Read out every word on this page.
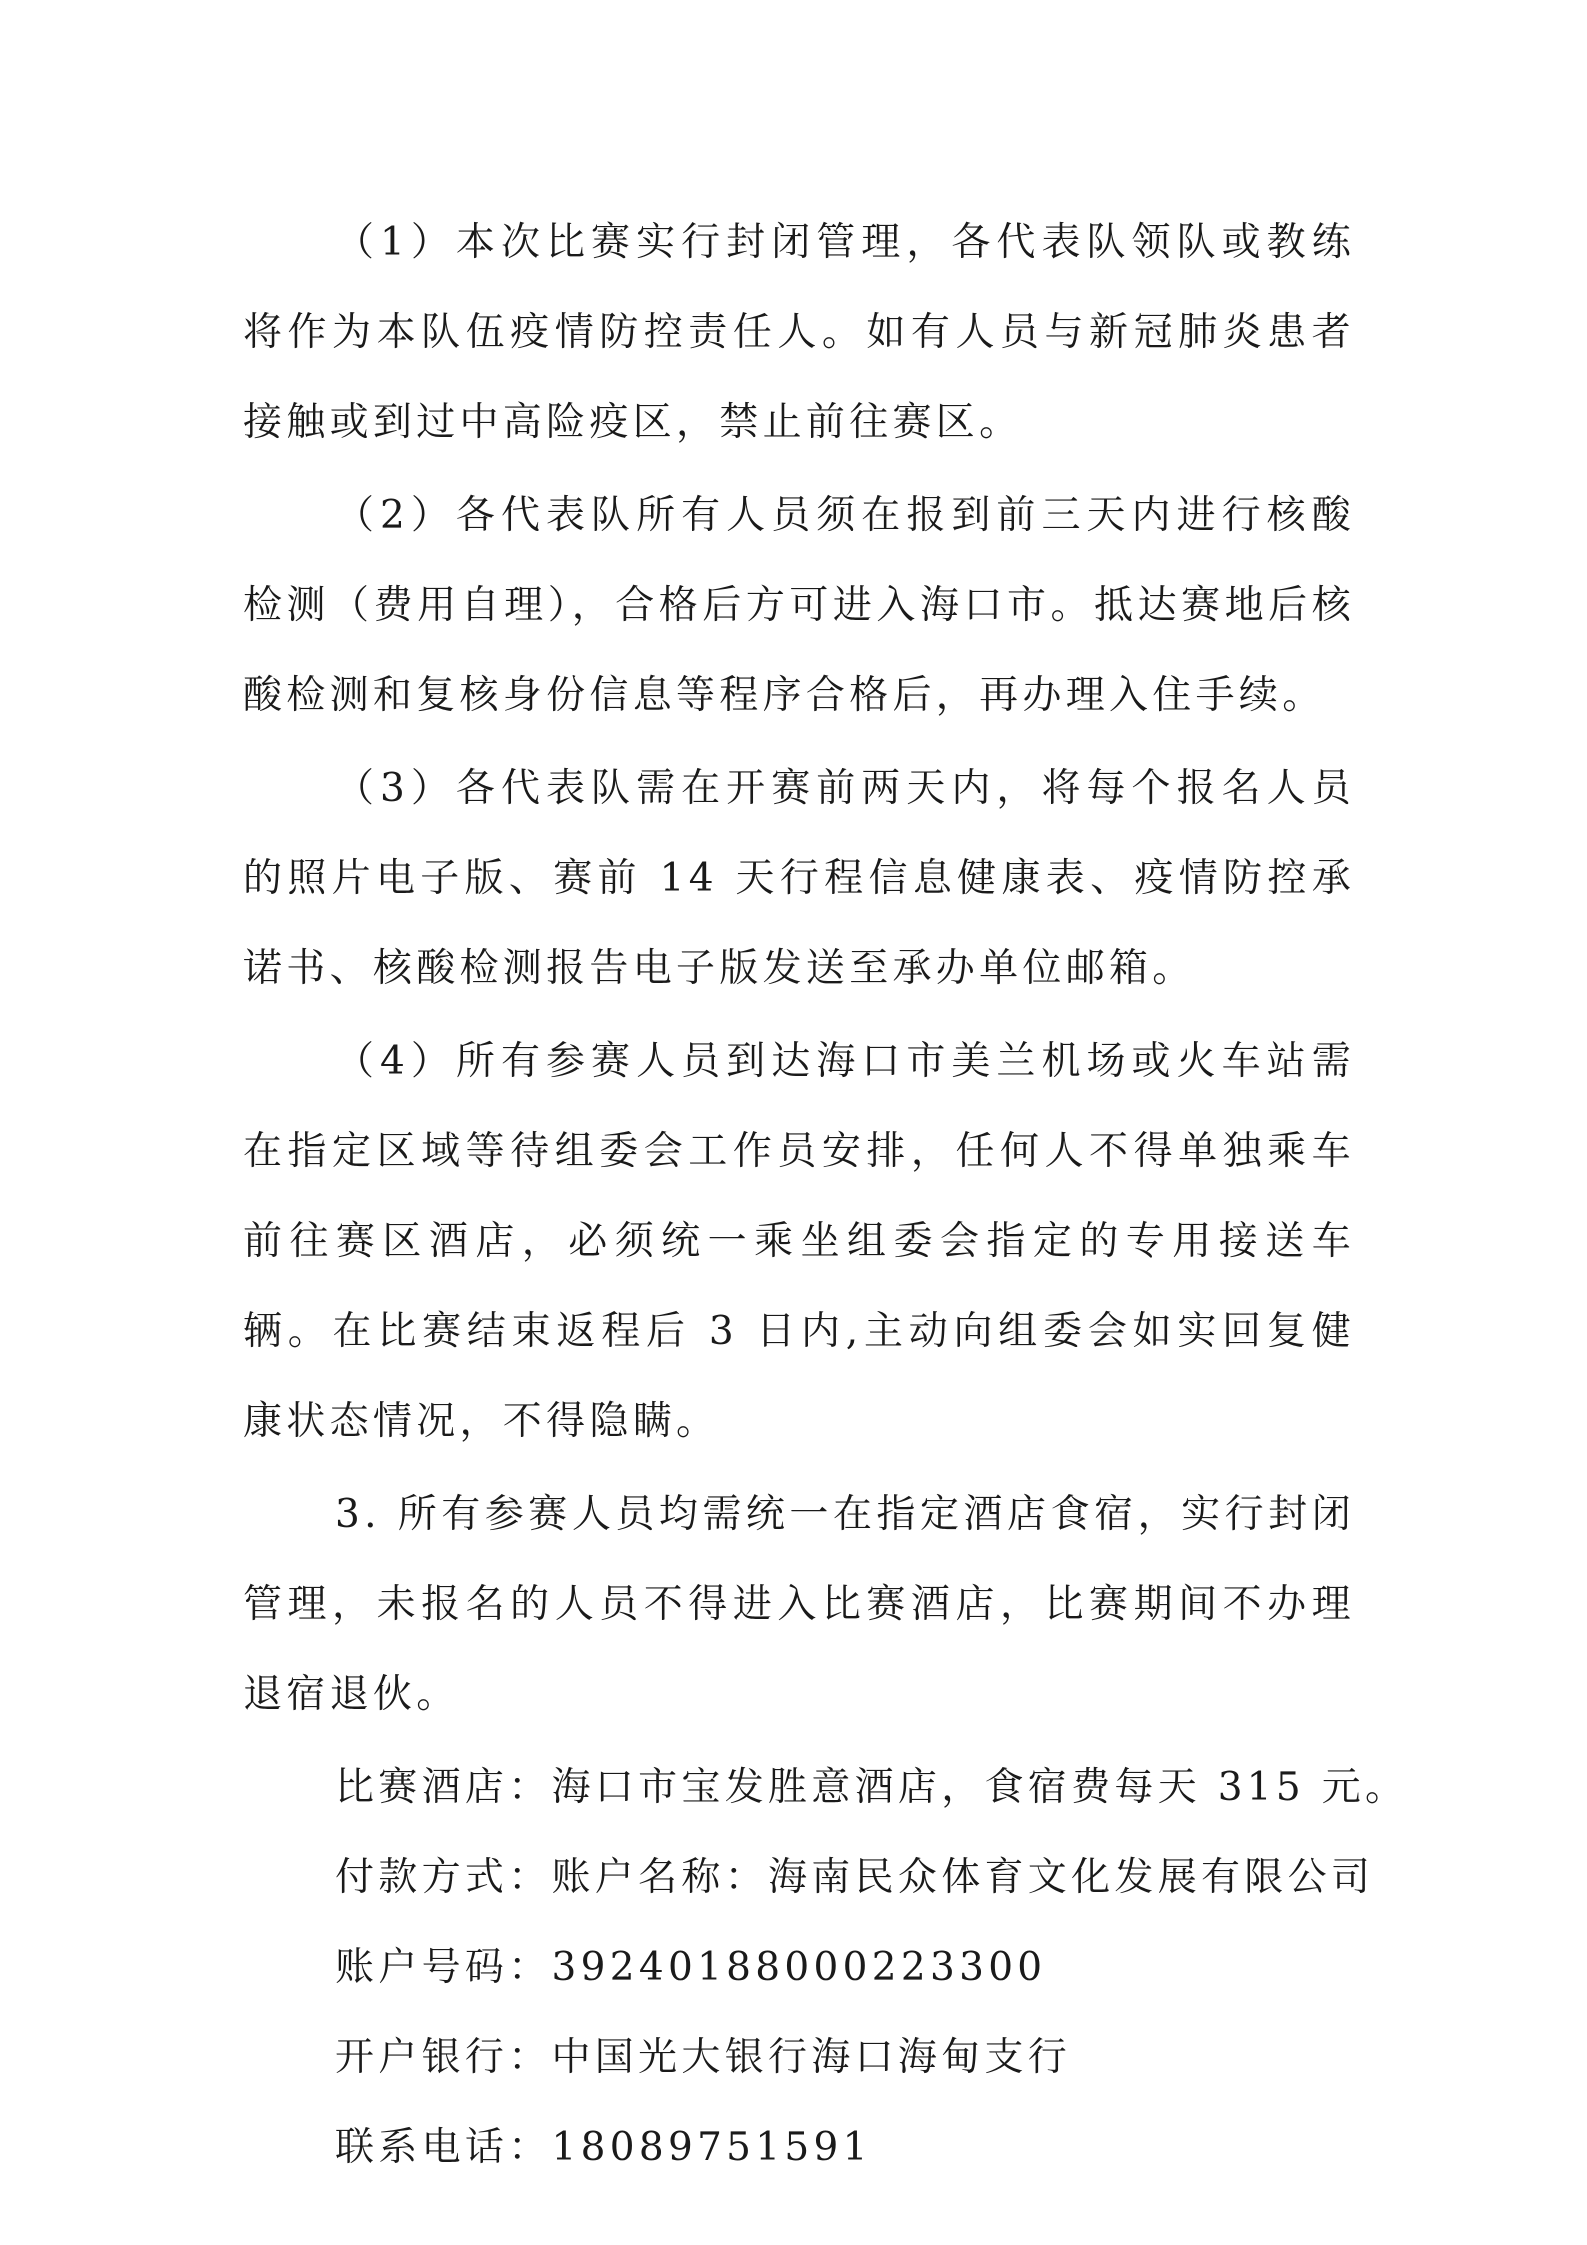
（1）本次比赛实行封闭管理，各代表队领队或教练将作为本队伍疫情防控责任人。如有人员与新冠肺炎患者接触或到过中高险疫区，禁止前往赛区。

（2）各代表队所有人员须在报到前三天内进行核酸检测（费用自理），合格后方可进入海口市。抵达赛地后核酸检测和复核身份信息等程序合格后，再办理入住手续。

（3）各代表队需在开赛前两天内，将每个报名人员的照片电子版、赛前 14 天行程信息健康表、疫情防控承诺书、核酸检测报告电子版发送至承办单位邮箱。

（4）所有参赛人员到达海口市美兰机场或火车站需在指定区域等待组委会工作员安排，任何人不得单独乘车前往赛区酒店，必须统一乘坐组委会指定的专用接送车辆。在比赛结束返程后 3 日内,主动向组委会如实回复健康状态情况，不得隐瞒。

3. 所有参赛人员均需统一在指定酒店食宿，实行封闭管理，未报名的人员不得进入比赛酒店，比赛期间不办理退宿退伙。

比赛酒店：海口市宝发胜意酒店，食宿费每天 315 元。

付款方式：账户名称：海南民众体育文化发展有限公司

账户号码：39240188000223300

开户银行：中国光大银行海口海甸支行

联系电话：18089751591
